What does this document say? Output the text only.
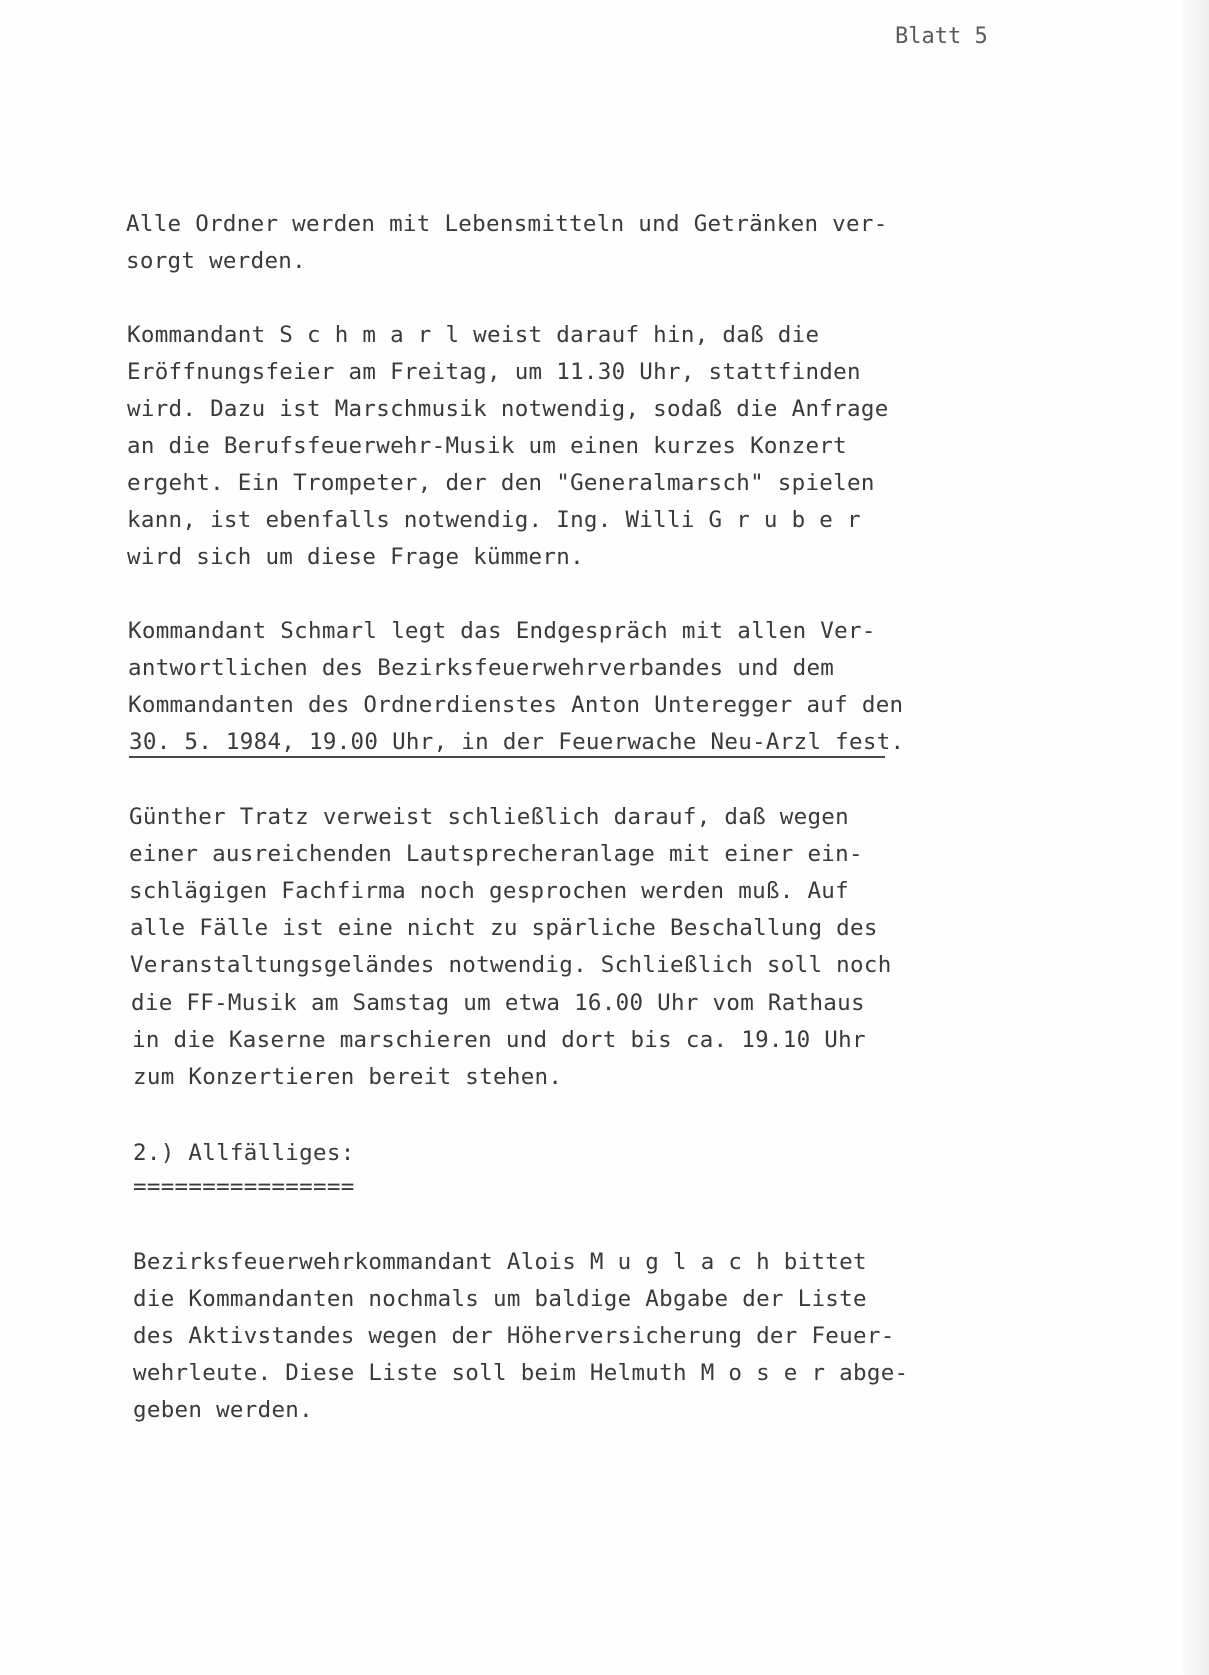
Blatt 5
Alle Ordner werden mit Lebensmitteln und Getränken ver-
sorgt werden.
Kommandant S c h m a r l weist darauf hin, daß die
Eröffnungsfeier am Freitag, um 11.30 Uhr, stattfinden
wird. Dazu ist Marschmusik notwendig, sodaß die Anfrage
an die Berufsfeuerwehr-Musik um einen kurzes Konzert
ergeht. Ein Trompeter, der den "Generalmarsch" spielen
kann, ist ebenfalls notwendig. Ing. Willi G r u b e r
wird sich um diese Frage kümmern.
Kommandant Schmarl legt das Endgespräch mit allen Ver-
antwortlichen des Bezirksfeuerwehrverbandes und dem
Kommandanten des Ordnerdienstes Anton Unteregger auf den
30. 5. 1984, 19.00 Uhr, in der Feuerwache Neu-Arzl fest.
Günther Tratz verweist schließlich darauf, daß wegen
einer ausreichenden Lautsprecheranlage mit einer ein-
schlägigen Fachfirma noch gesprochen werden muß. Auf
alle Fälle ist eine nicht zu spärliche Beschallung des
Veranstaltungsgeländes notwendig. Schließlich soll noch
die FF-Musik am Samstag um etwa 16.00 Uhr vom Rathaus
in die Kaserne marschieren und dort bis ca. 19.10 Uhr
zum Konzertieren bereit stehen.
2.) Allfälliges:
================
Bezirksfeuerwehrkommandant Alois M u g l a c h bittet
die Kommandanten nochmals um baldige Abgabe der Liste
des Aktivstandes wegen der Höherversicherung der Feuer-
wehrleute. Diese Liste soll beim Helmuth M o s e r abge-
geben werden.
